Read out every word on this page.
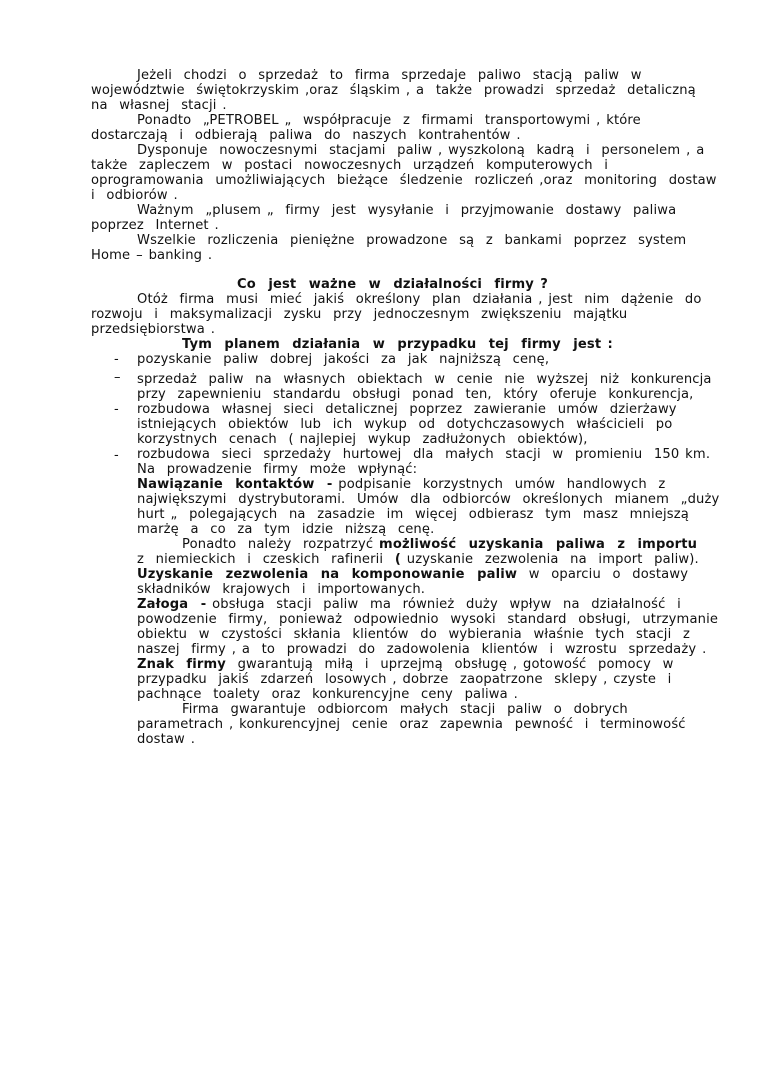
Jeżeli  chodzi  o  sprzedaż  to  firma  sprzedaje  paliwo  stacją  paliw  w
województwie  świętokrzyskim ,oraz  śląskim , a  także  prowadzi  sprzedaż  detaliczną
na  własnej  stacji .
Ponadto  „PETROBEL „  współpracuje  z  firmami  transportowymi , które
dostarczają  i  odbierają  paliwa  do  naszych  kontrahentów .
Dysponuje  nowoczesnymi  stacjami  paliw , wyszkoloną  kadrą  i  personelem , a
także  zapleczem  w  postaci  nowoczesnych  urządzeń  komputerowych  i
oprogramowania  umożliwiających  bieżące  śledzenie  rozliczeń ,oraz  monitoring  dostaw
i  odbiorów .
Ważnym  „plusem „  firmy  jest  wysyłanie  i  przyjmowanie  dostawy  paliwa
poprzez  Internet .
Wszelkie  rozliczenia  pieniężne  prowadzone  są  z  bankami  poprzez  system
Home – banking .
Co  jest  ważne  w  działalności  firmy ?
Otóż  firma  musi  mieć  jakiś  określony  plan  działania , jest  nim  dążenie  do
rozwoju  i  maksymalizacji  zysku  przy  jednoczesnym  zwiększeniu  majątku
przedsiębiorstwa .
Tym  planem  działania  w  przypadku  tej  firmy  jest :
- pozyskanie  paliw  dobrej  jakości  za  jak  najniższą  cenę,
– sprzedaż  paliw  na  własnych  obiektach  w  cenie  nie  wyższej  niż  konkurencja
przy  zapewnieniu  standardu  obsługi  ponad  ten,  który  oferuje  konkurencja,
- rozbudowa  własnej  sieci  detalicznej  poprzez  zawieranie  umów  dzierżawy
istniejących  obiektów  lub  ich  wykup  od  dotychczasowych  właścicieli  po
korzystnych  cenach  ( najlepiej  wykup  zadłużonych  obiektów),
- rozbudowa  sieci  sprzedaży  hurtowej  dla  małych  stacji  w  promieniu  150 km.
Na  prowadzenie  firmy  może  wpłynąć:
Nawiązanie  kontaktów  - podpisanie  korzystnych  umów  handlowych  z
największymi  dystrybutorami.  Umów  dla  odbiorców  określonych  mianem  „duży
hurt „  polegających  na  zasadzie  im  więcej  odbierasz  tym  masz  mniejszą
marżę  a  co  za  tym  idzie  niższą  cenę.
Ponadto  należy  rozpatrzyć możliwość  uzyskania  paliwa  z  importu
z  niemieckich  i  czeskich  rafinerii  ( uzyskanie  zezwolenia  na  import  paliw).
Uzyskanie  zezwolenia  na  komponowanie  paliw  w  oparciu  o  dostawy
składników  krajowych  i  importowanych.
Załoga  - obsługa  stacji  paliw  ma  również  duży  wpływ  na  działalność  i
powodzenie  firmy,  ponieważ  odpowiednio  wysoki  standard  obsługi,  utrzymanie
obiektu  w  czystości  skłania  klientów  do  wybierania  właśnie  tych  stacji  z
naszej  firmy , a  to  prowadzi  do  zadowolenia  klientów  i  wzrostu  sprzedaży .
Znak  firmy  gwarantują  miłą  i  uprzejmą  obsługę , gotowość  pomocy  w
przypadku  jakiś  zdarzeń  losowych , dobrze  zaopatrzone  sklepy , czyste  i
pachnące  toalety  oraz  konkurencyjne  ceny  paliwa .
Firma  gwarantuje  odbiorcom  małych  stacji  paliw  o  dobrych
parametrach , konkurencyjnej  cenie  oraz  zapewnia  pewność  i  terminowość
dostaw .
